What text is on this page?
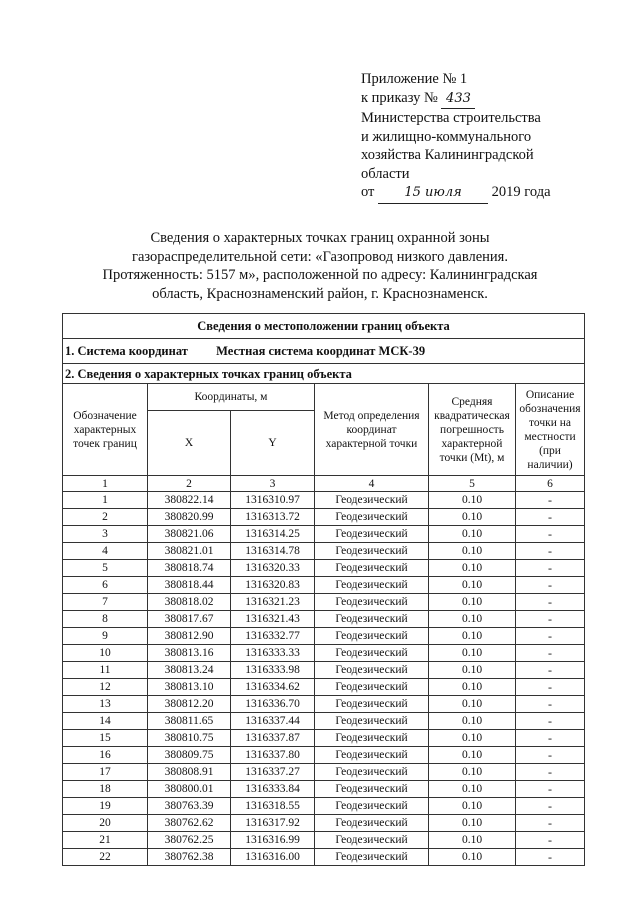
Приложение № 1
к приказу № 433
Министерства строительства
и жилищно-коммунального
хозяйства Калининградской
области
от 15 июля 2019 года
Сведения о характерных точках границ охранной зоны
газораспределительной сети: «Газопровод низкого давления.
Протяженность: 5157 м», расположенной по адресу: Калининградская
область, Краснознаменский район, г. Краснознаменск.
Сведения о местоположении границ объекта					
1. Система координат Местная система координат МСК-39					
2. Сведения о характерных точках границ объекта					
Обозначение характерных точек границ	Координаты, м		Метод определения координат характерной точки	Средняя квадратическая погрешность характерной точки (Mt), м	Описание обозначения точки на местности (при наличии)
	X	Y			
1	2	3	4	5	6
1	380822.14	1316310.97	Геодезический	0.10	-
2	380820.99	1316313.72	Геодезический	0.10	-
3	380821.06	1316314.25	Геодезический	0.10	-
4	380821.01	1316314.78	Геодезический	0.10	-
5	380818.74	1316320.33	Геодезический	0.10	-
6	380818.44	1316320.83	Геодезический	0.10	-
7	380818.02	1316321.23	Геодезический	0.10	-
8	380817.67	1316321.43	Геодезический	0.10	-
9	380812.90	1316332.77	Геодезический	0.10	-
10	380813.16	1316333.33	Геодезический	0.10	-
11	380813.24	1316333.98	Геодезический	0.10	-
12	380813.10	1316334.62	Геодезический	0.10	-
13	380812.20	1316336.70	Геодезический	0.10	-
14	380811.65	1316337.44	Геодезический	0.10	-
15	380810.75	1316337.87	Геодезический	0.10	-
16	380809.75	1316337.80	Геодезический	0.10	-
17	380808.91	1316337.27	Геодезический	0.10	-
18	380800.01	1316333.84	Геодезический	0.10	-
19	380763.39	1316318.55	Геодезический	0.10	-
20	380762.62	1316317.92	Геодезический	0.10	-
21	380762.25	1316316.99	Геодезический	0.10	-
22	380762.38	1316316.00	Геодезический	0.10	-
